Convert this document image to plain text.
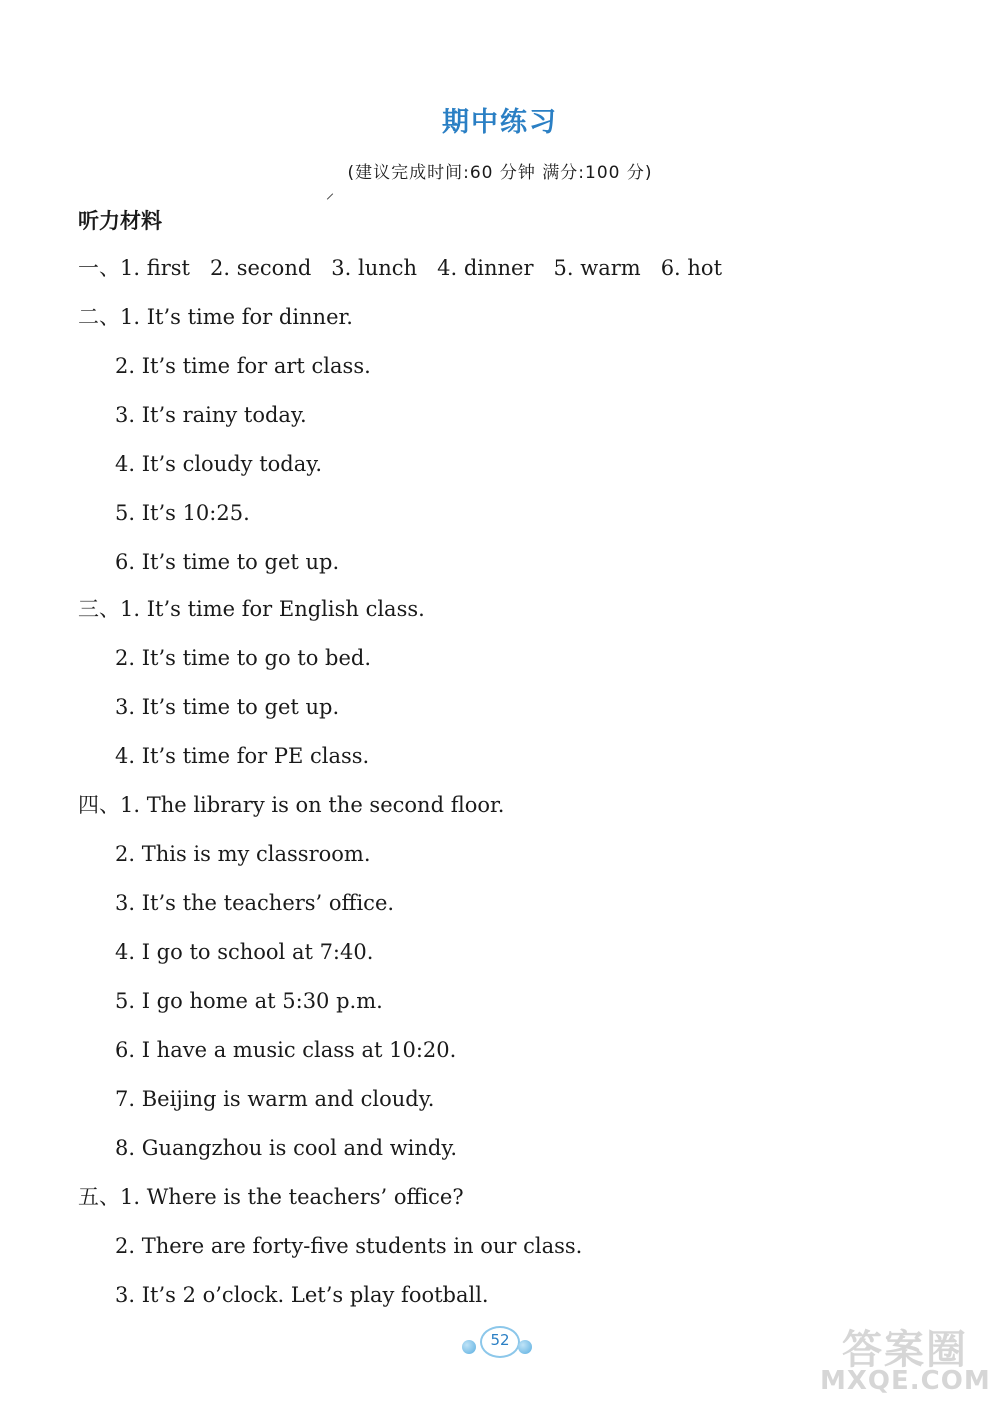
期中练习
(建议完成时间:60 分钟 满分:100 分)
听力材料
一、1. first   2. second   3. lunch   4. dinner   5. warm   6. hot
二、1. It’s time for dinner.
2. It’s time for art class.
3. It’s rainy today.
4. It’s cloudy today.
5. It’s 10:25.
6. It’s time to get up.
三、1. It’s time for English class.
2. It’s time to go to bed.
3. It’s time to get up.
4. It’s time for PE class.
四、1. The library is on the second floor.
2. This is my classroom.
3. It’s the teachers’ office.
4. I go to school at 7:40.
5. I go home at 5:30 p.m.
6. I have a music class at 10:20.
7. Beijing is warm and cloudy.
8. Guangzhou is cool and windy.
五、1. Where is the teachers’ office?
2. There are forty-five students in our class.
3. It’s 2 o’clock. Let’s play football.
52	答案圈
MXQE.COM
